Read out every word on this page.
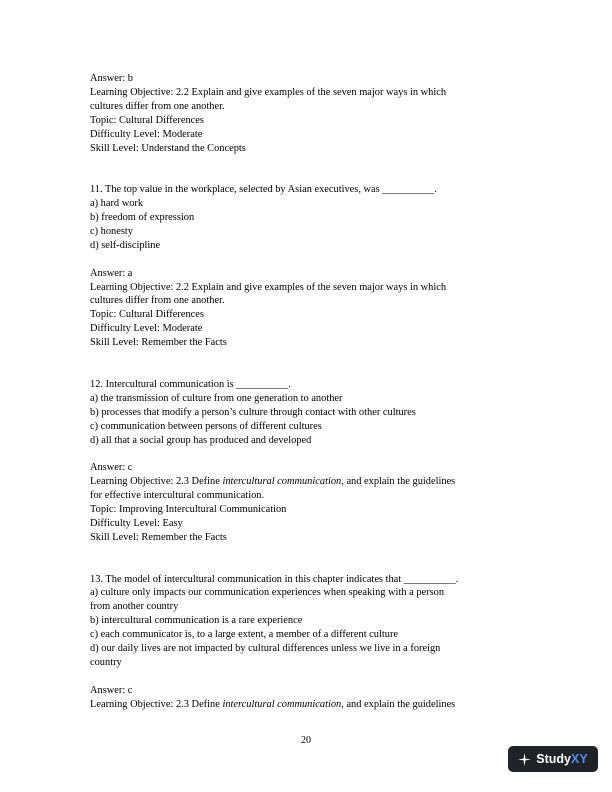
Answer: b
Learning Objective: 2.2 Explain and give examples of the seven major ways in which
cultures differ from one another.
Topic: Cultural Differences
Difficulty Level: Moderate
Skill Level: Understand the Concepts
11. The top value in the workplace, selected by Asian executives, was __________.
a) hard work
b) freedom of expression
c) honesty
d) self-discipline
Answer: a
Learning Objective: 2.2 Explain and give examples of the seven major ways in which
cultures differ from one another.
Topic: Cultural Differences
Difficulty Level: Moderate
Skill Level: Remember the Facts
12. Intercultural communication is __________.
a) the transmission of culture from one generation to another
b) processes that modify a person’s culture through contact with other cultures
c) communication between persons of different cultures
d) all that a social group has produced and developed
Answer: c
Learning Objective: 2.3 Define intercultural communication, and explain the guidelines
for effective intercultural communication.
Topic: Improving Intercultural Communication
Difficulty Level: Easy
Skill Level: Remember the Facts
13. The model of intercultural communication in this chapter indicates that __________.
a) culture only impacts our communication experiences when speaking with a person
from another country
b) intercultural communication is a rare experience
c) each communicator is, to a large extent, a member of a different culture
d) our daily lives are not impacted by cultural differences unless we live in a foreign
country
Answer: c
Learning Objective: 2.3 Define intercultural communication, and explain the guidelines
20
Study XY
